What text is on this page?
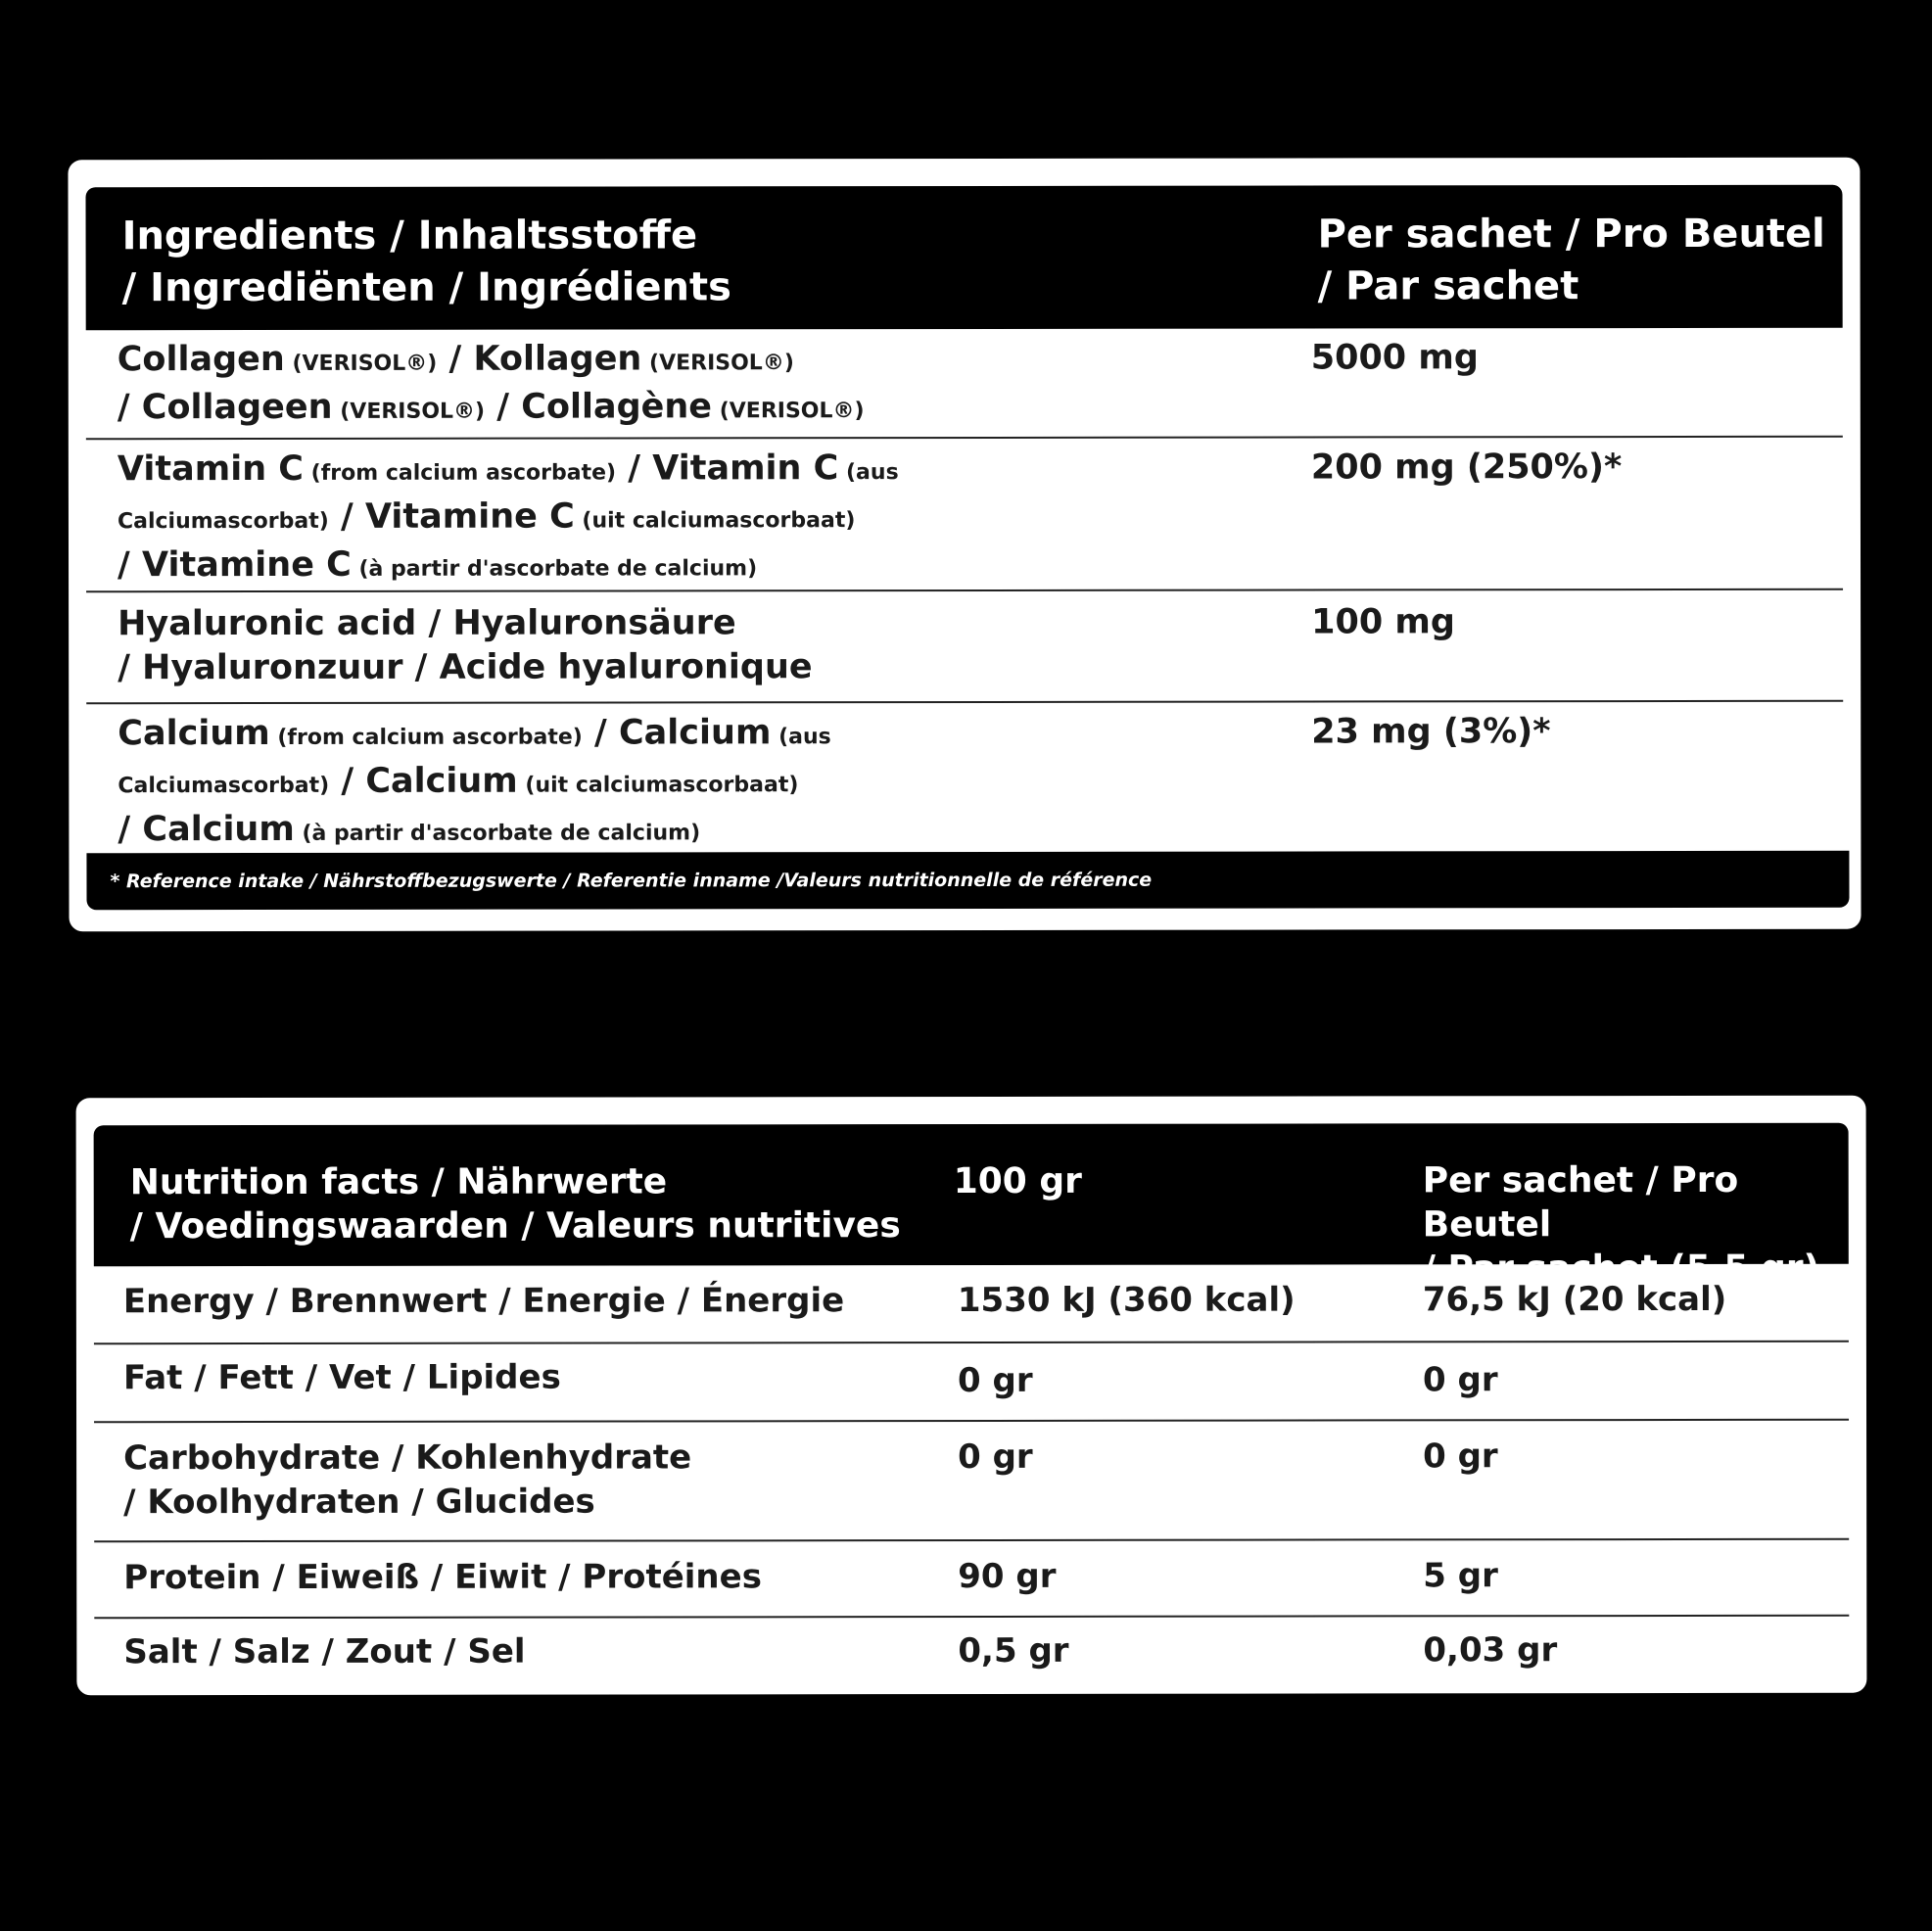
Ingredients / Inhaltsstoffe
/ Ingrediënten / Ingrédients
Per sachet / Pro Beutel
/ Par sachet
Collagen (VERISOL®) / Kollagen (VERISOL®)
/ Collageen (VERISOL®) / Collagène (VERISOL®)
5000 mg
Vitamin C (from calcium ascorbate) / Vitamin C (aus
Calciumascorbat) / Vitamine C (uit calciumascorbaat)
/ Vitamine C (à partir d'ascorbate de calcium)
200 mg (250%)*
Hyaluronic acid / Hyaluronsäure
/ Hyaluronzuur / Acide hyaluronique
100 mg
Calcium (from calcium ascorbate) / Calcium (aus
Calciumascorbat) / Calcium (uit calciumascorbaat)
/ Calcium (à partir d'ascorbate de calcium)
23 mg (3%)*
* Reference intake / Nährstoffbezugswerte / Referentie inname /Valeurs nutritionnelle de référence
Nutrition facts / Nährwerte
/ Voedingswaarden / Valeurs nutritives
100 gr	Per sachet / Pro Beutel
/ Par sachet (5,5 gr)
Energy / Brennwert / Energie / Énergie	1530 kJ (360 kcal)	76,5 kJ (20 kcal)
Fat / Fett / Vet / Lipides	0 gr	0 gr
Carbohydrate / Kohlenhydrate
/ Koolhydraten / Glucides
0 gr	0 gr
Protein / Eiweiß / Eiwit / Protéines	90 gr	5 gr
Salt / Salz / Zout / Sel	0,5 gr	0,03 gr
